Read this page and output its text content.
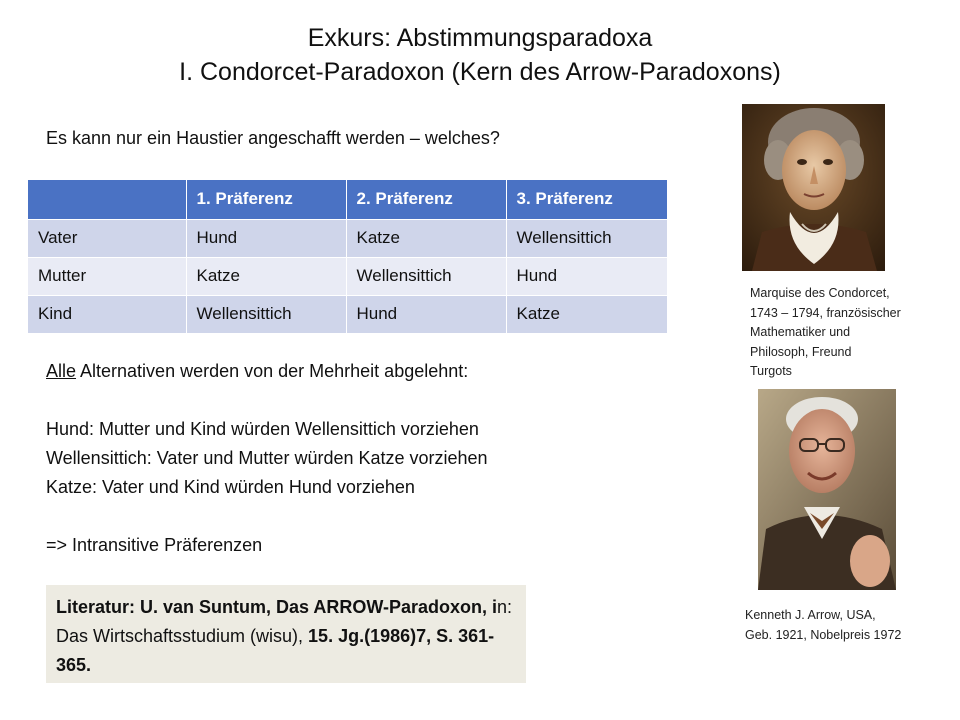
Exkurs: Abstimmungsparadoxa
I. Condorcet-Paradoxon (Kern des Arrow-Paradoxons)
Es kann nur ein Haustier angeschafft werden – welches?
	1. Präferenz	2. Präferenz	3. Präferenz
Vater	Hund	Katze	Wellensittich
Mutter	Katze	Wellensittich	Hund
Kind	Wellensittich	Hund	Katze
Alle Alternativen werden von der Mehrheit abgelehnt:
Hund: Mutter und Kind würden Wellensittich vorziehen
Wellensittich: Vater und Mutter würden Katze vorziehen
Katze: Vater und Kind würden Hund vorziehen
=> Intransitive Präferenzen
Literatur: U. van Suntum, Das ARROW-Paradoxon, in: Das Wirtschaftsstudium (wisu), 15. Jg.(1986)7, S. 361-365.
Marquise des Condorcet,
1743 – 1794, französischer
Mathematiker und
Philosoph, Freund
Turgots
Kenneth J. Arrow, USA,
Geb. 1921, Nobelpreis 1972
